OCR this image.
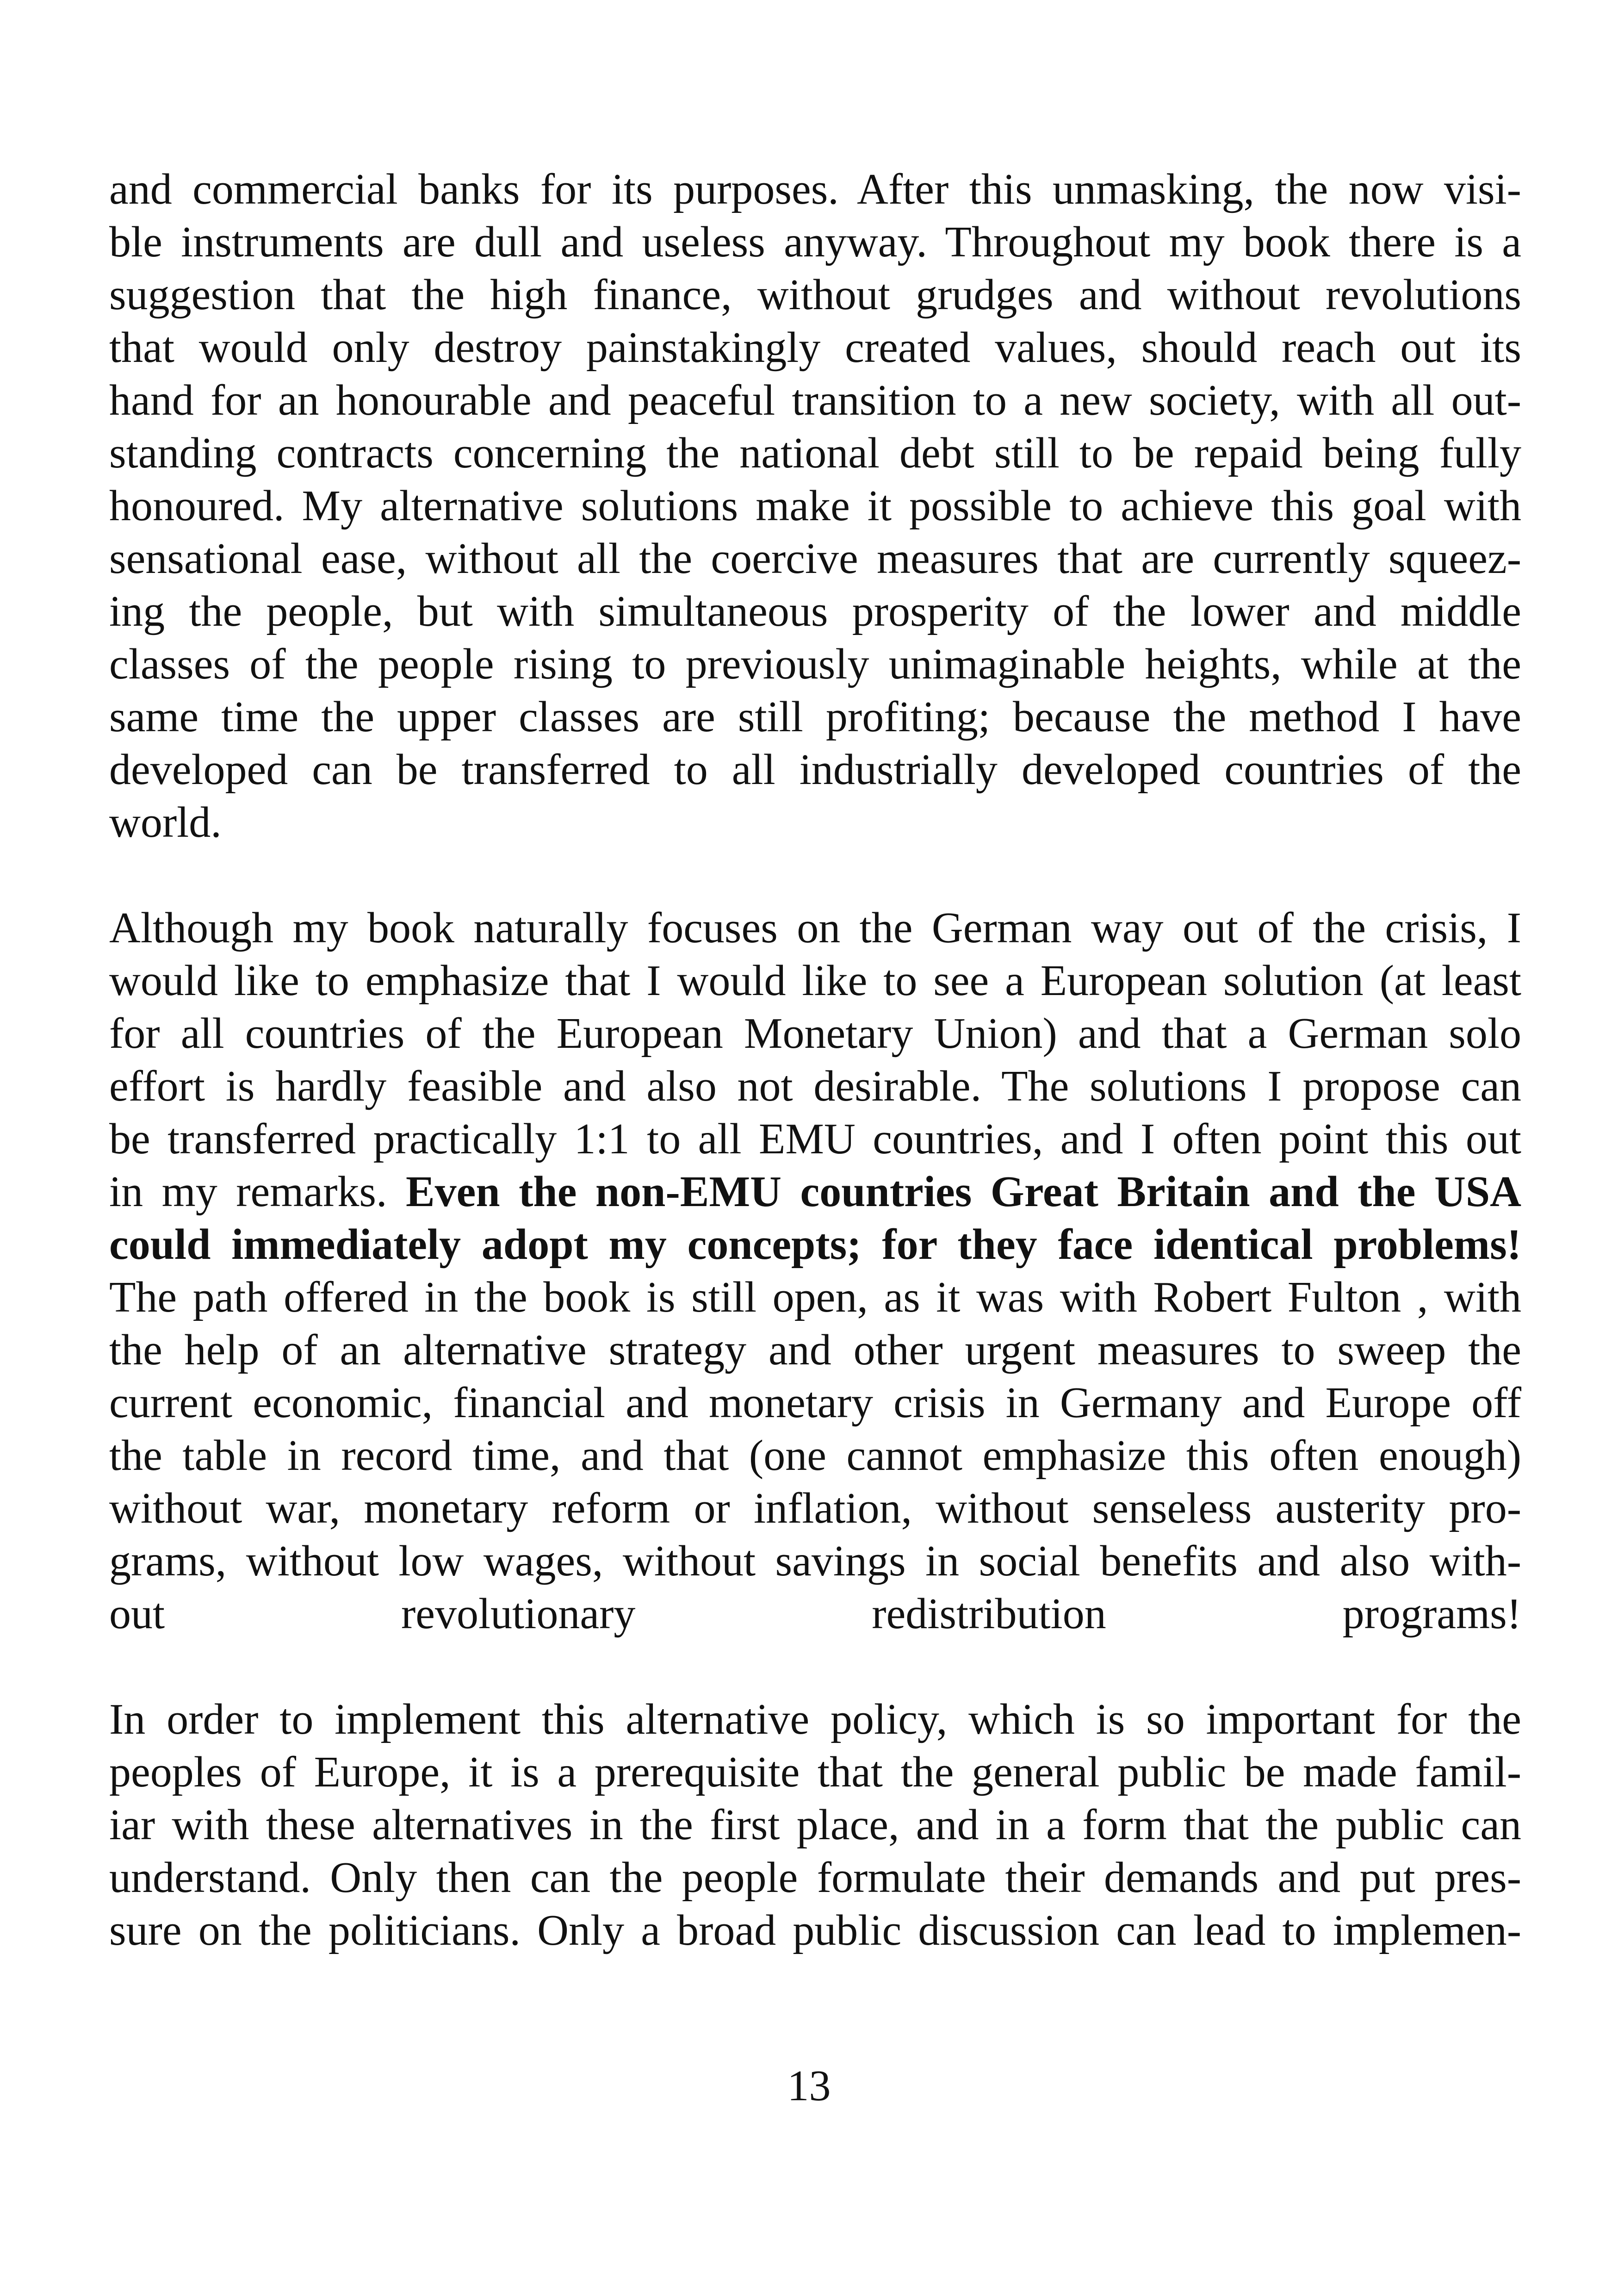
and commercial banks for its purposes. After this unmasking, the now visi-
ble instruments are dull and useless anyway. Throughout my book there is a
suggestion that the high finance, without grudges and without revolutions
that would only destroy painstakingly created values, should reach out its
hand for an honourable and peaceful transition to a new society, with all out-
standing contracts concerning the national debt still to be repaid being fully
honoured. My alternative solutions make it possible to achieve this goal with
sensational ease, without all the coercive measures that are currently squeez-
ing the people, but with simultaneous prosperity of the lower and middle
classes of the people rising to previously unimaginable heights, while at the
same time the upper classes are still profiting; because the method I have
developed can be transferred to all industrially developed countries of the
world.

Although my book naturally focuses on the German way out of the crisis, I
would like to emphasize that I would like to see a European solution (at least
for all countries of the European Monetary Union) and that a German solo
effort is hardly feasible and also not desirable. The solutions I propose can
be transferred practically 1:1 to all EMU countries, and I often point this out
in my remarks. Even the non-EMU countries Great Britain and the USA
could immediately adopt my concepts; for they face identical problems!
The path offered in the book is still open, as it was with Robert Fulton , with
the help of an alternative strategy and other urgent measures to sweep the
current economic, financial and monetary crisis in Germany and Europe off
the table in record time, and that (one cannot emphasize this often enough)
without war, monetary reform or inflation, without senseless austerity pro-
grams, without low wages, without savings in social benefits and also with-
out revolutionary redistribution programs!

In order to implement this alternative policy, which is so important for the
peoples of Europe, it is a prerequisite that the general public be made famil-
iar with these alternatives in the first place, and in a form that the public can
understand. Only then can the people formulate their demands and put pres-
sure on the politicians. Only a broad public discussion can lead to implemen-

13
